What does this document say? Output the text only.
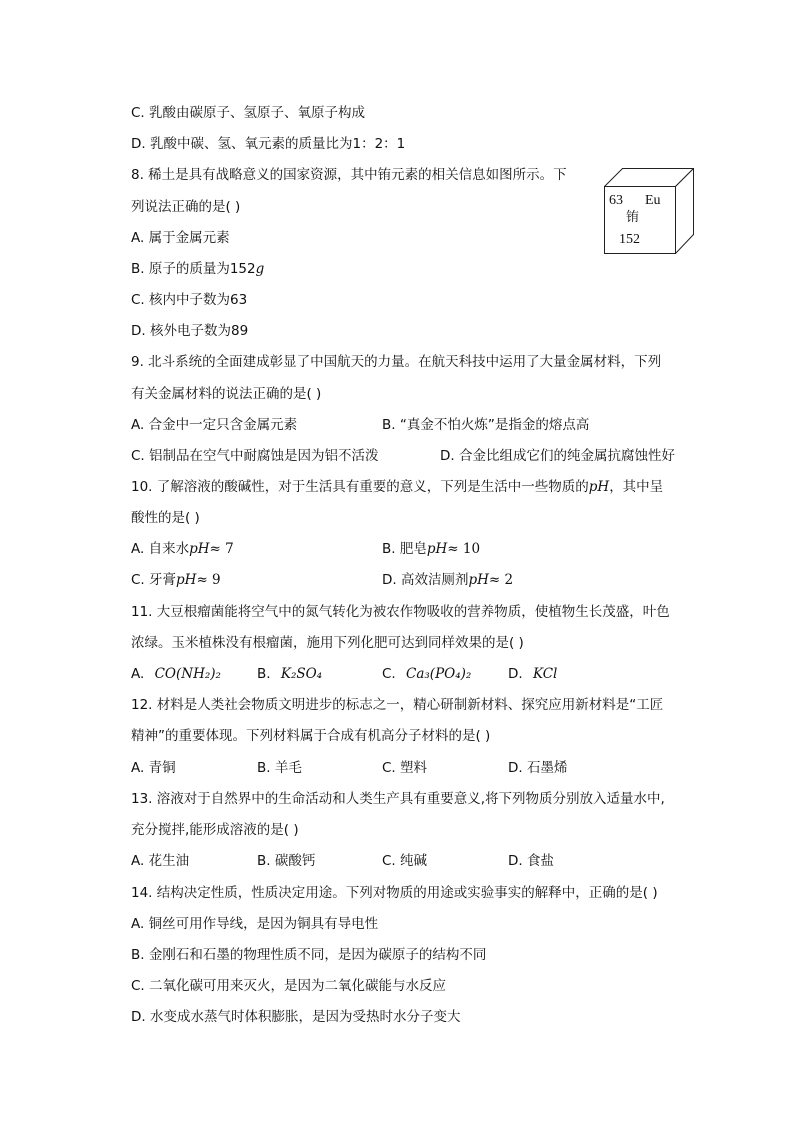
C. 乳酸由碳原子、氢原子、氧原子构成
D. 乳酸中碳、氢、氧元素的质量比为1：2：1
8. 稀土是具有战略意义的国家资源，其中铕元素的相关信息如图所示。下
列说法正确的是( )
A. 属于金属元素
B. 原子的质量为152g
C. 核内中子数为63
D. 核外电子数为89
63 Eu
铕
152
9. 北斗系统的全面建成彰显了中国航天的力量。在航天科技中运用了大量金属材料，下列
有关金属材料的说法正确的是( )
A. 合金中一定只含金属元素	B. “真金不怕火炼”是指金的熔点高
C. 铝制品在空气中耐腐蚀是因为铝不活泼	D. 合金比组成它们的纯金属抗腐蚀性好
10. 了解溶液的酸碱性，对于生活具有重要的意义，下列是生活中一些物质的pH，其中呈
酸性的是( )
A. 自来水pH≈ 7	B. 肥皂pH≈ 10
C. 牙膏pH≈ 9	D. 高效洁厕剂pH≈ 2
11. 大豆根瘤菌能将空气中的氮气转化为被农作物吸收的营养物质，使植物生长茂盛，叶色
浓绿。玉米植株没有根瘤菌，施用下列化肥可达到同样效果的是( )
A. CO(NH₂)₂	B. K₂SO₄	C. Ca₃(PO₄)₂	D. KCl
12. 材料是人类社会物质文明进步的标志之一，精心研制新材料、探究应用新材料是“工匠
精神”的重要体现。下列材料属于合成有机高分子材料的是( )
A. 青铜	B. 羊毛	C. 塑料	D. 石墨烯
13. 溶液对于自然界中的生命活动和人类生产具有重要意义,将下列物质分别放入适量水中,
充分搅拌,能形成溶液的是( )
A. 花生油	B. 碳酸钙	C. 纯碱	D. 食盐
14. 结构决定性质，性质决定用途。下列对物质的用途或实验事实的解释中，正确的是( )
A. 铜丝可用作导线，是因为铜具有导电性
B. 金刚石和石墨的物理性质不同，是因为碳原子的结构不同
C. 二氧化碳可用来灭火，是因为二氧化碳能与水反应
D. 水变成水蒸气时体积膨胀，是因为受热时水分子变大
